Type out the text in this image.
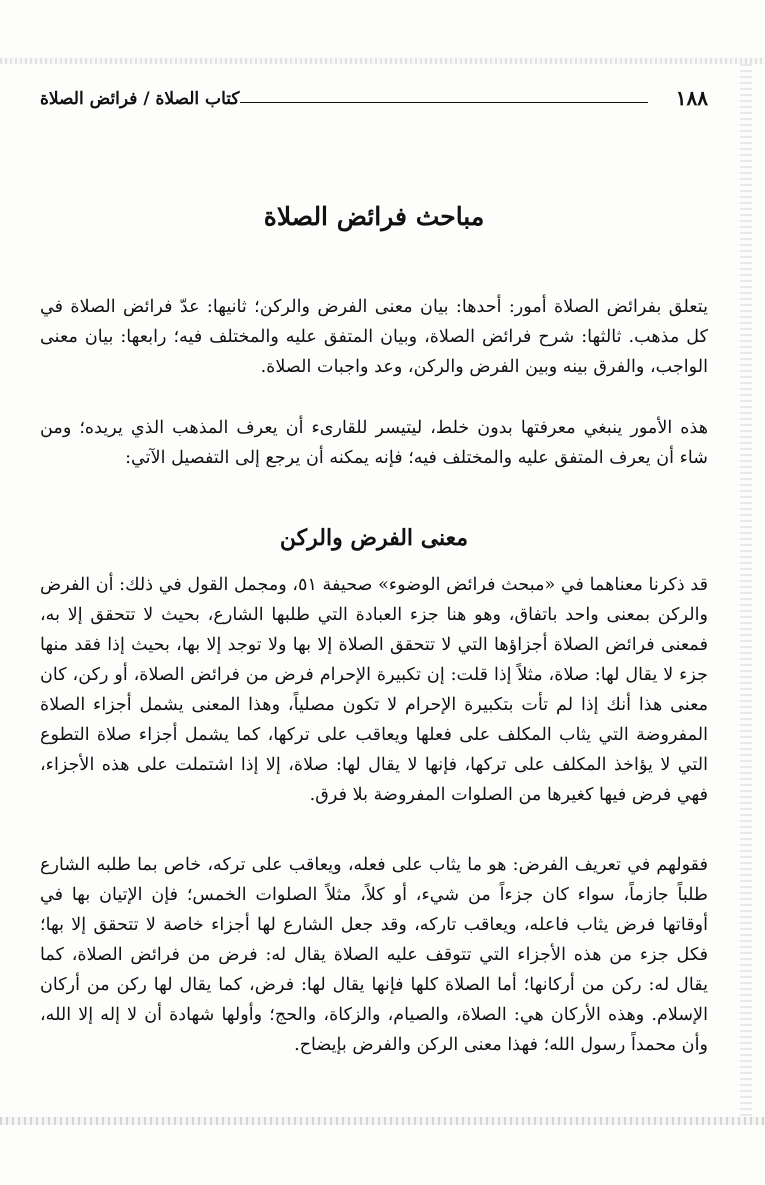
١٨٨
كتاب الصلاة / فرائض الصلاة
مباحث فرائض الصلاة

يتعلق بفرائض الصلاة أمور: أحدها: بيان معنى الفرض والركن؛ ثانيها: عدّ فرائض الصلاة في كل مذهب. ثالثها: شرح فرائض الصلاة، وبيان المتفق عليه والمختلف فيه؛ رابعها: بيان معنى الواجب، والفرق بينه وبين الفرض والركن، وعد واجبات الصلاة.

هذه الأمور ينبغي معرفتها بدون خلط، ليتيسر للقارىء أن يعرف المذهب الذي يريده؛ ومن شاء أن يعرف المتفق عليه والمختلف فيه؛ فإنه يمكنه أن يرجع إلى التفصيل الآتي:

معنى الفرض والركن

قد ذكرنا معناهما في «مبحث فرائض الوضوء» صحيفة ٥١، ومجمل القول في ذلك: أن الفرض والركن بمعنى واحد باتفاق، وهو هنا جزء العبادة التي طلبها الشارع، بحيث لا تتحقق إلا به، فمعنى فرائض الصلاة أجزاؤها التي لا تتحقق الصلاة إلا بها ولا توجد إلا بها، بحيث إذا فقد منها جزء لا يقال لها: صلاة، مثلاً إذا قلت: إن تكبيرة الإحرام فرض من فرائض الصلاة، أو ركن، كان معنى هذا أنك إذا لم تأت بتكبيرة الإحرام لا تكون مصلياً، وهذا المعنى يشمل أجزاء الصلاة المفروضة التي يثاب المكلف على فعلها ويعاقب على تركها، كما يشمل أجزاء صلاة التطوع التي لا يؤاخذ المكلف على تركها، فإنها لا يقال لها: صلاة، إلا إذا اشتملت على هذه الأجزاء، فهي فرض فيها كغيرها من الصلوات المفروضة بلا فرق.

فقولهم في تعريف الفرض: هو ما يثاب على فعله، ويعاقب على تركه، خاص بما طلبه الشارع طلباً جازماً، سواء كان جزءاً من شيء، أو كلاً، مثلاً الصلوات الخمس؛ فإن الإتيان بها في أوقاتها فرض يثاب فاعله، ويعاقب تاركه، وقد جعل الشارع لها أجزاء خاصة لا تتحقق إلا بها؛ فكل جزء من هذه الأجزاء التي تتوقف عليه الصلاة يقال له: فرض من فرائض الصلاة، كما يقال له: ركن من أركانها؛ أما الصلاة كلها فإنها يقال لها: فرض، كما يقال لها ركن من أركان الإسلام. وهذه الأركان هي: الصلاة، والصيام، والزكاة، والحج؛ وأولها شهادة أن لا إله إلا الله، وأن محمداً رسول الله؛ فهذا معنى الركن والفرض بإيضاح.
